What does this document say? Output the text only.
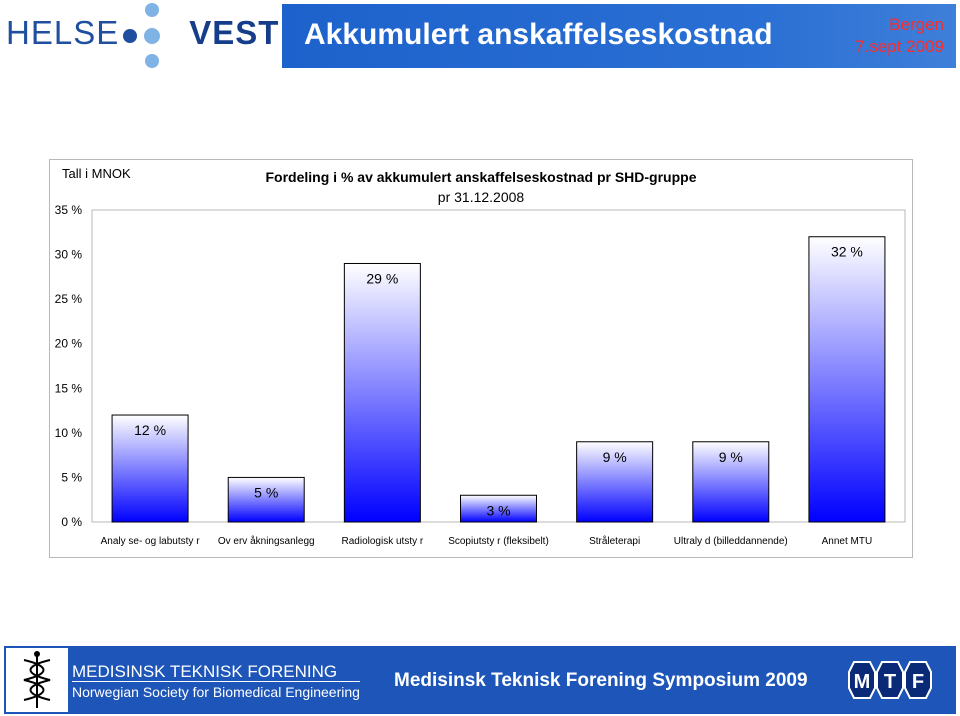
HELSE VEST Akkumulert anskaffelseskostnad	Bergen
7.sept 2009
Tall i MNOK	Fordeling i % av akkumulert anskaffelseskostnad pr SHD-gruppe
pr 31.12.2008
0 %
5 %
10 %
15 %
20 %
25 %
30 %
35 %
12 %
Analy se- og labutsty r
5 %
Ov erv åkningsanlegg
29 %
Radiologisk utsty r
3 %
Scopiutsty r (fleksibelt)
9 %
Stråleterapi
9 %
Ultraly d (billeddannende)
32 %
Annet MTU
MEDISINSK TEKNISK FORENING
Norwegian Society for Biomedical Engineering
Medisinsk Teknisk Forening Symposium 2009 M T F
